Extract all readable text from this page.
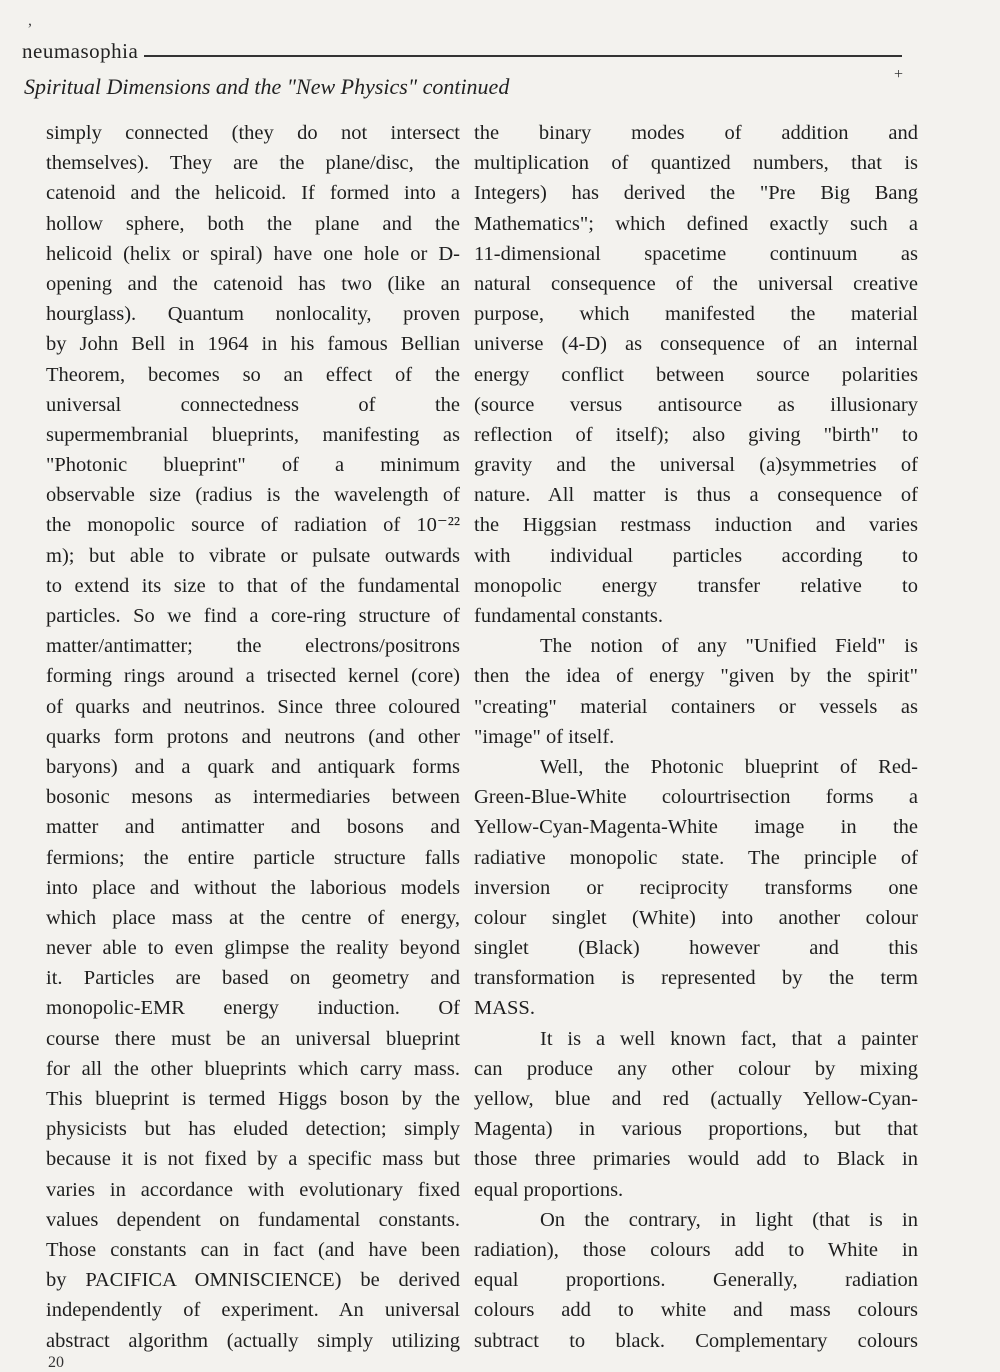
,
neumasophia
Spiritual Dimensions and the "New Physics" continued	+
simply connected (they do not intersect
themselves). They are the plane/disc, the
catenoid and the helicoid. If formed into a
hollow sphere, both the plane and the
helicoid (helix or spiral) have one hole or D-
opening and the catenoid has two (like an
hourglass). Quantum nonlocality, proven
by John Bell in 1964 in his famous Bellian
Theorem, becomes so an effect of the
universal connectedness of the
supermembranial blueprints, manifesting as
"Photonic blueprint" of a minimum
observable size (radius is the wavelength of
the monopolic source of radiation of 10⁻²²
m); but able to vibrate or pulsate outwards
to extend its size to that of the fundamental
particles. So we find a core-ring structure of
matter/antimatter; the electrons/positrons
forming rings around a trisected kernel (core)
of quarks and neutrinos. Since three coloured
quarks form protons and neutrons (and other
baryons) and a quark and antiquark forms
bosonic mesons as intermediaries between
matter and antimatter and bosons and
fermions; the entire particle structure falls
into place and without the laborious models
which place mass at the centre of energy,
never able to even glimpse the reality beyond
it. Particles are based on geometry and
monopolic-EMR energy induction. Of
course there must be an universal blueprint
for all the other blueprints which carry mass.
This blueprint is termed Higgs boson by the
physicists but has eluded detection; simply
because it is not fixed by a specific mass but
varies in accordance with evolutionary fixed
values dependent on fundamental constants.
Those constants can in fact (and have been
by PACIFICA OMNISCIENCE) be derived
independently of experiment. An universal
abstract algorithm (actually simply utilizing
the binary modes of addition and
multiplication of quantized numbers, that is
Integers) has derived the "Pre Big Bang
Mathematics"; which defined exactly such a
11-dimensional spacetime continuum as
natural consequence of the universal creative
purpose, which manifested the material
universe (4-D) as consequence of an internal
energy conflict between source polarities
(source versus antisource as illusionary
reflection of itself); also giving "birth" to
gravity and the universal (a)symmetries of
nature. All matter is thus a consequence of
the Higgsian restmass induction and varies
with individual particles according to
monopolic energy transfer relative to
fundamental constants.
The notion of any "Unified Field" is
then the idea of energy "given by the spirit"
"creating" material containers or vessels as
"image" of itself.
Well, the Photonic blueprint of Red-
Green-Blue-White colourtrisection forms a
Yellow-Cyan-Magenta-White image in the
radiative monopolic state. The principle of
inversion or reciprocity transforms one
colour singlet (White) into another colour
singlet (Black) however and this
transformation is represented by the term
MASS.
It is a well known fact, that a painter
can produce any other colour by mixing
yellow, blue and red (actually Yellow-Cyan-
Magenta) in various proportions, but that
those three primaries would add to Black in
equal proportions.
On the contrary, in light (that is in
radiation), those colours add to White in
equal proportions. Generally, radiation
colours add to white and mass colours
subtract to black. Complementary colours
20
